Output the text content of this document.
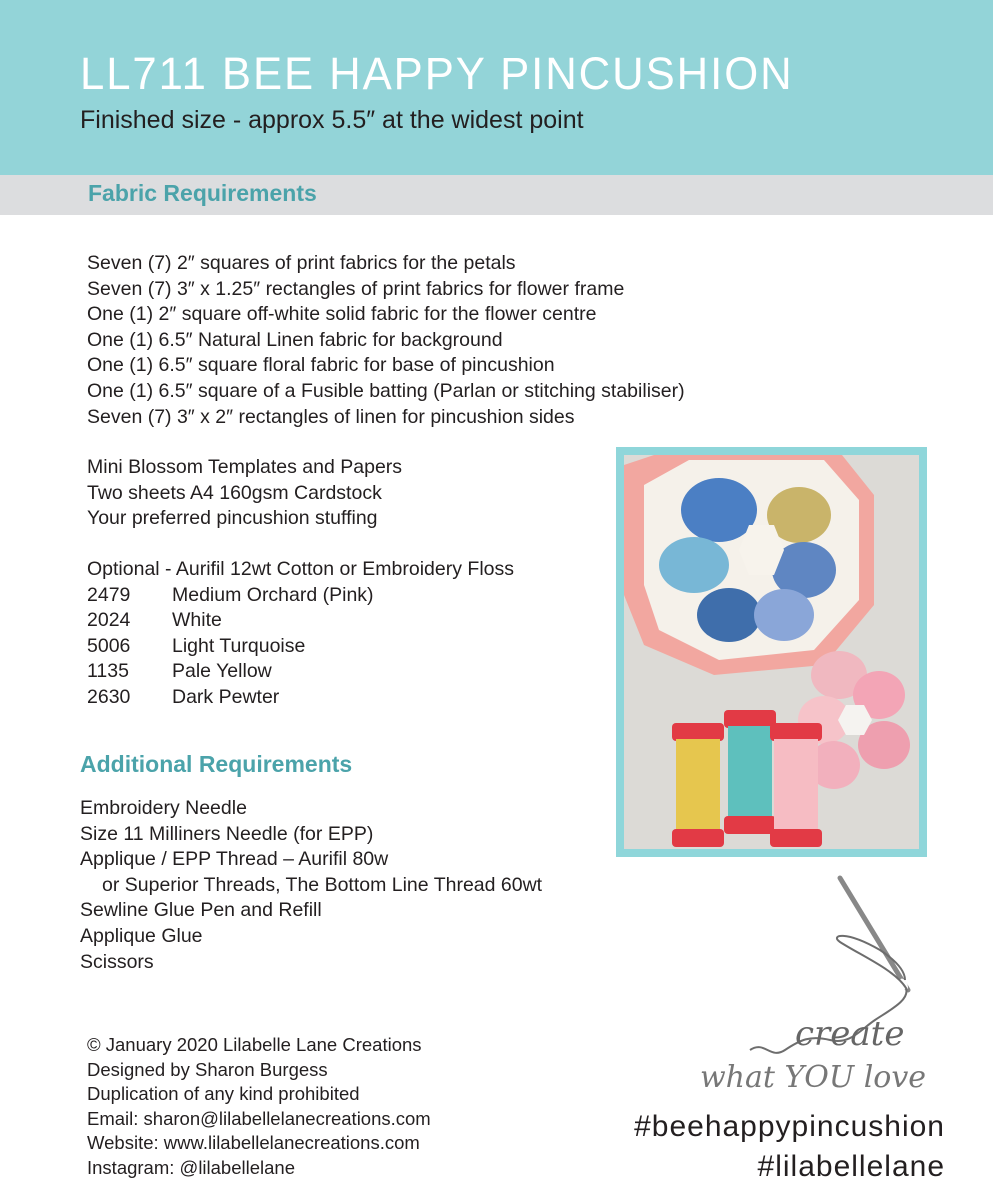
LL711 BEE HAPPY PINCUSHION
Finished size - approx 5.5″ at the widest point
Fabric Requirements
Seven (7) 2″ squares of print fabrics for the petals
Seven (7) 3″ x 1.25″ rectangles of print fabrics for flower frame
One (1) 2″ square off-white solid fabric for the flower centre
One (1) 6.5″ Natural Linen fabric for background
One (1) 6.5″ square floral fabric for base of pincushion
One (1) 6.5″ square of a Fusible batting (Parlan or stitching stabiliser)
Seven (7) 3″ x 2″ rectangles of linen for pincushion sides
Mini Blossom Templates and Papers
Two sheets A4 160gsm Cardstock
Your preferred pincushion stuffing
Optional - Aurifil 12wt Cotton or Embroidery Floss
2479 Medium Orchard (Pink)
2024 White
5006 Light Turquoise
1135 Pale Yellow
2630 Dark Pewter
Additional Requirements
Embroidery Needle
Size 11 Milliners Needle (for EPP)
Applique / EPP Thread – Aurifil 80w
or Superior Threads, The Bottom Line Thread 60wt
Sewline Glue Pen and Refill
Applique Glue
Scissors
create
what YOU love
#beehappypincushion
#lilabellelane
© January 2020 Lilabelle Lane Creations
Designed by Sharon Burgess
Duplication of any kind prohibited
Email: sharon@lilabellelanecreations.com
Website: www.lilabellelanecreations.com
Instagram: @lilabellelane
